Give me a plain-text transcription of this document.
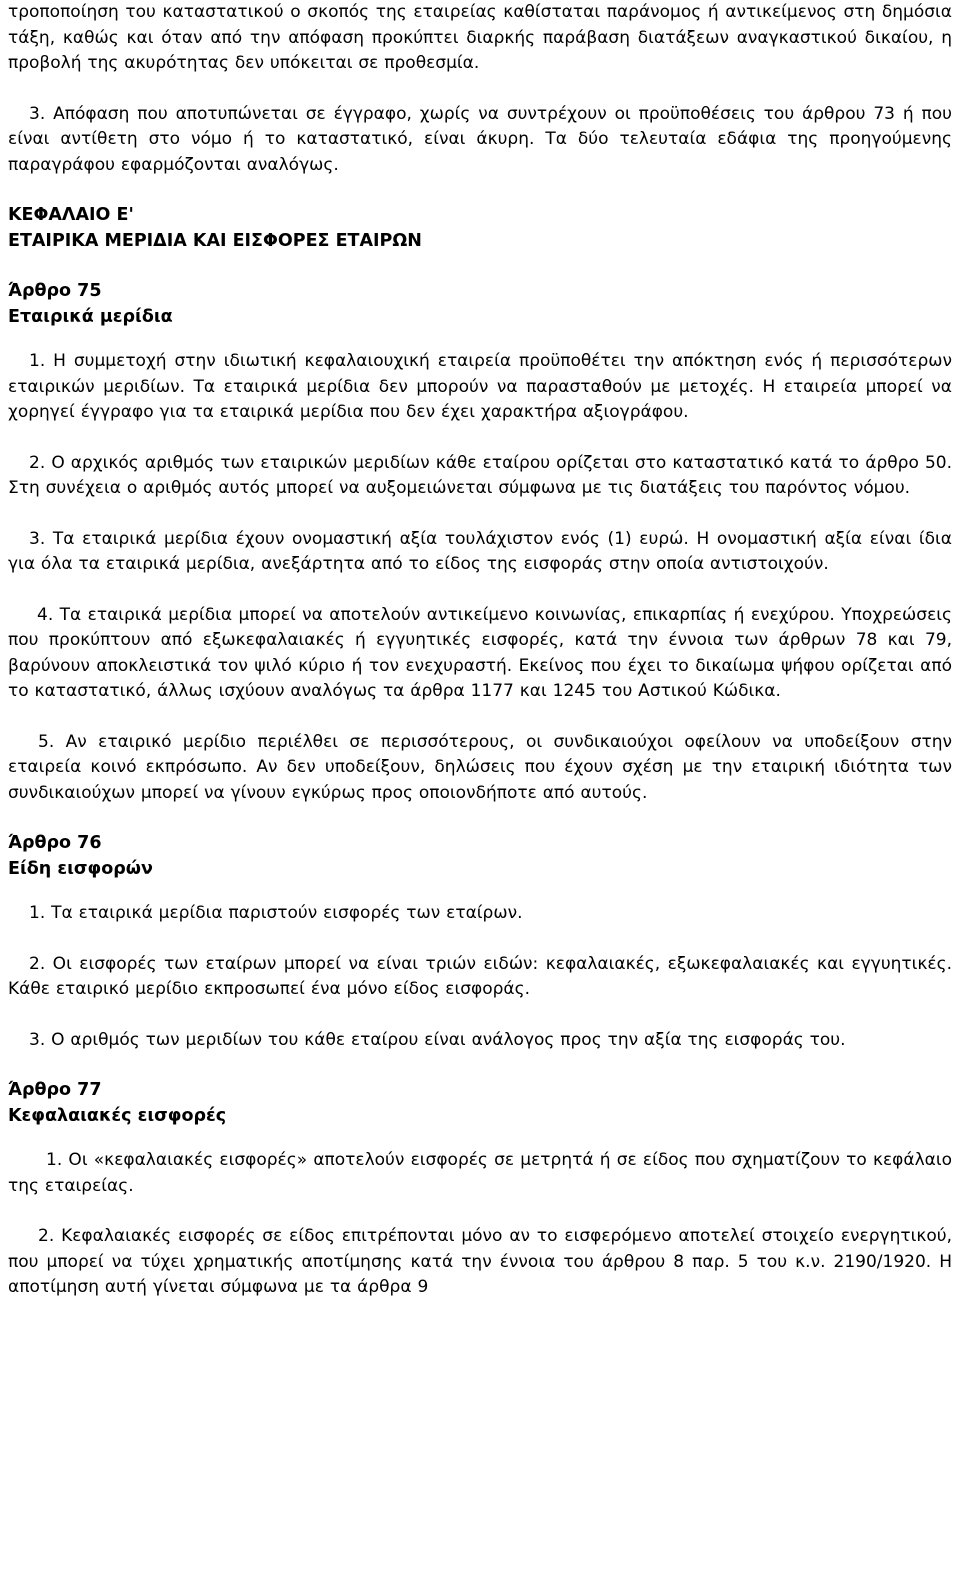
τροποποίηση του καταστατικού ο σκοπός της εταιρείας καθίσταται παράνομος ή αντικείμενος στη δημόσια τάξη, καθώς και όταν από την απόφαση προκύπτει διαρκής παράβαση διατάξεων αναγκαστικού δικαίου, η προβολή της ακυρότητας δεν υπόκειται σε προθεσμία.

3. Απόφαση που αποτυπώνεται σε έγγραφο, χωρίς να συντρέχουν οι προϋποθέσεις του άρθρου 73 ή που είναι αντίθετη στο νόμο ή το καταστατικό, είναι άκυρη. Τα δύο τελευταία εδάφια της προηγούμενης παραγράφου εφαρμόζονται αναλόγως.

ΚΕΦΑΛΑΙΟ Ε'
ΕΤΑΙΡΙΚΑ ΜΕΡΙΔΙΑ ΚΑΙ ΕΙΣΦΟΡΕΣ ΕΤΑΙΡΩΝ
Άρθρο 75
Εταιρικά μερίδια

1. Η συμμετοχή στην ιδιωτική κεφαλαιουχική εταιρεία προϋποθέτει την απόκτηση ενός ή περισσότερων εταιρικών μεριδίων. Τα εταιρικά μερίδια δεν μπορούν να παρασταθούν με μετοχές. Η εταιρεία μπορεί να χορηγεί έγγραφο για τα εταιρικά μερίδια που δεν έχει χαρακτήρα αξιογράφου.

2. Ο αρχικός αριθμός των εταιρικών μεριδίων κάθε εταίρου ορίζεται στο καταστατικό κατά το άρθρο 50. Στη συνέχεια ο αριθμός αυτός μπορεί να αυξομειώνεται σύμφωνα με τις διατάξεις του παρόντος νόμου.

3. Τα εταιρικά μερίδια έχουν ονομαστική αξία τουλάχιστον ενός (1) ευρώ. Η ονομαστική αξία είναι ίδια για όλα τα εταιρικά μερίδια, ανεξάρτητα από το είδος της εισφοράς στην οποία αντιστοιχούν.

4. Τα εταιρικά μερίδια μπορεί να αποτελούν αντικείμενο κοινωνίας, επικαρπίας ή ενεχύρου. Υποχρεώσεις που προκύπτουν από εξωκεφαλαιακές ή εγγυητικές εισφορές, κατά την έννοια των άρθρων 78 και 79, βαρύνουν αποκλειστικά τον ψιλό κύριο ή τον ενεχυραστή. Εκείνος που έχει το δικαίωμα ψήφου ορίζεται από το καταστατικό, άλλως ισχύουν αναλόγως τα άρθρα 1177 και 1245 του Αστικού Κώδικα.

5. Αν εταιρικό μερίδιο περιέλθει σε περισσότερους, οι συνδικαιούχοι οφείλουν να υποδείξουν στην εταιρεία κοινό εκπρόσωπο. Αν δεν υποδείξουν, δηλώσεις που έχουν σχέση με την εταιρική ιδιότητα των συνδικαιούχων μπορεί να γίνουν εγκύρως προς οποιονδήποτε από αυτούς.

Άρθρο 76
Είδη εισφορών

1. Τα εταιρικά μερίδια παριστούν εισφορές των εταίρων.

2. Οι εισφορές των εταίρων μπορεί να είναι τριών ειδών: κεφαλαιακές, εξωκεφαλαιακές και εγγυητικές. Κάθε εταιρικό μερίδιο εκπροσωπεί ένα μόνο είδος εισφοράς.

3. Ο αριθμός των μεριδίων του κάθε εταίρου είναι ανάλογος προς την αξία της εισφοράς του.

Άρθρο 77
Κεφαλαιακές εισφορές

1. Οι «κεφαλαιακές εισφορές» αποτελούν εισφορές σε μετρητά ή σε είδος που σχηματίζουν το κεφάλαιο της εταιρείας.

2. Κεφαλαιακές εισφορές σε είδος επιτρέπονται μόνο αν το εισφερόμενο αποτελεί στοιχείο ενεργητικού, που μπορεί να τύχει χρηματικής αποτίμησης κατά την έννοια του άρθρου 8 παρ. 5 του κ.ν. 2190/1920. Η αποτίμηση αυτή γίνεται σύμφωνα με τα άρθρα 9
